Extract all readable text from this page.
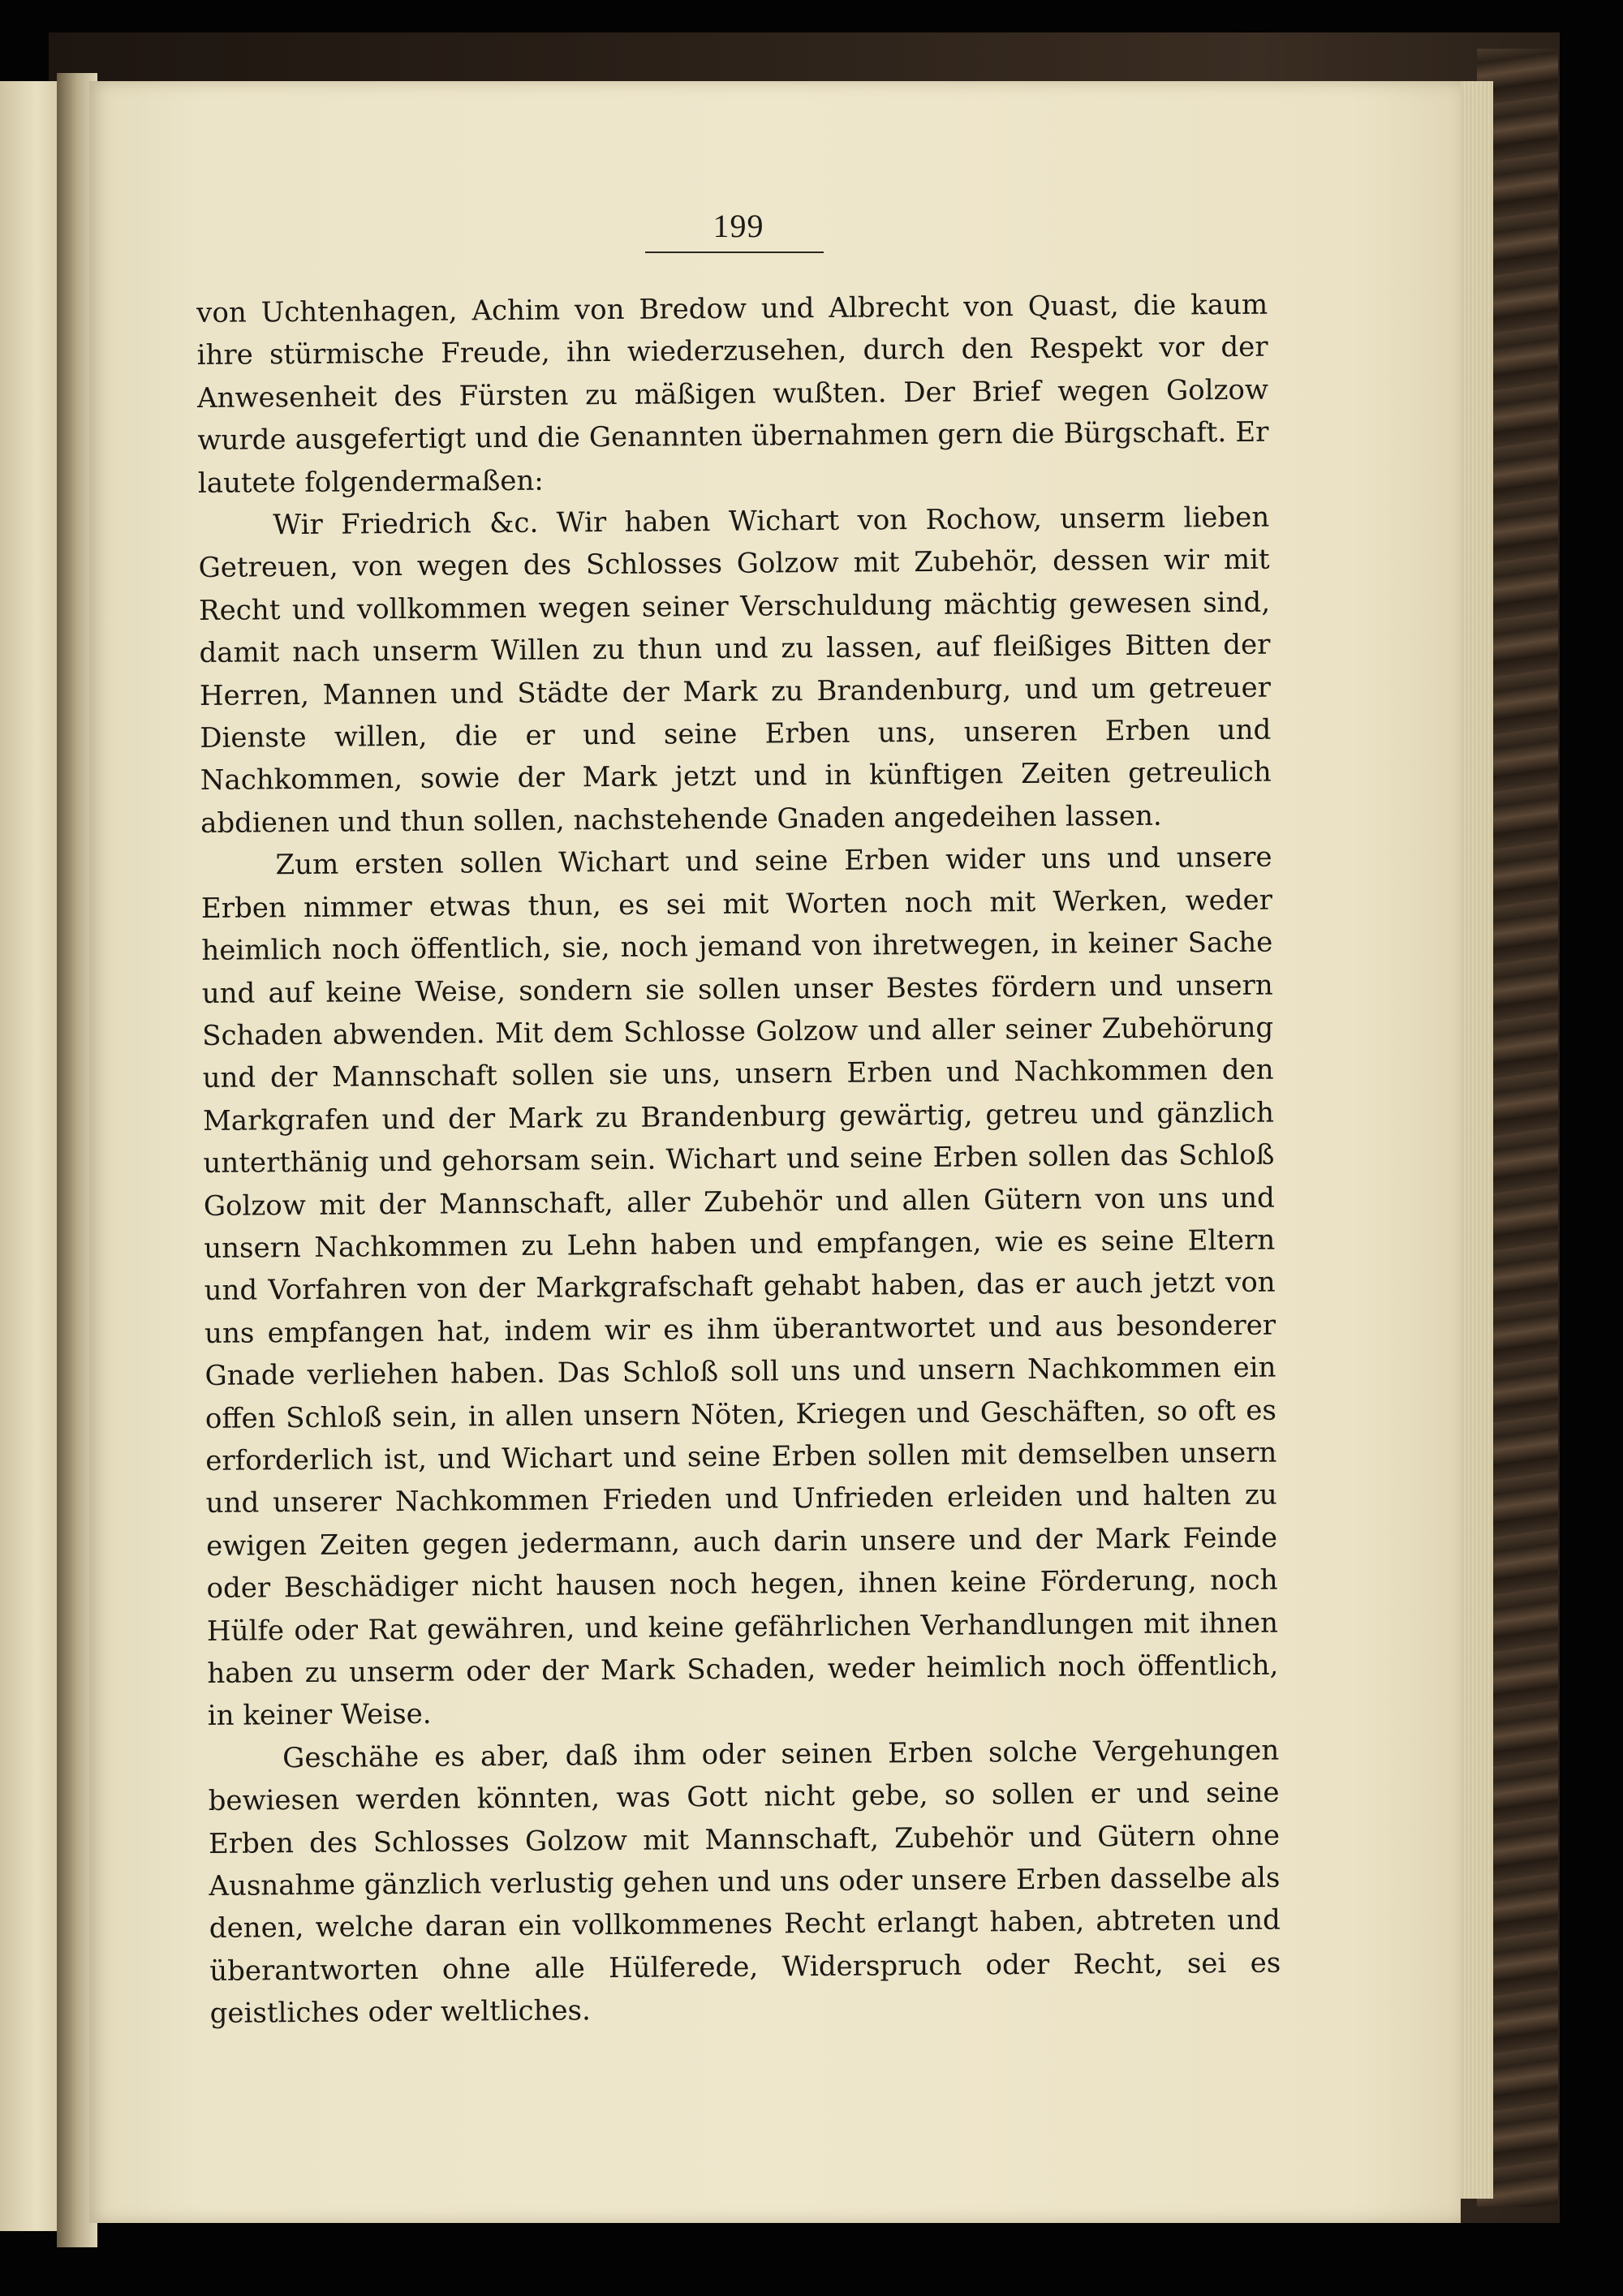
199

von Uchtenhagen, Achim von Bredow und Albrecht von Quast, die kaum ihre stürmische Freude, ihn wiederzusehen, durch den Respekt vor der Anwesenheit des Fürsten zu mäßigen wußten. Der Brief wegen Golzow wurde ausgefertigt und die Genannten übernahmen gern die Bürgschaft. Er lautete folgendermaßen:

Wir Friedrich &c. Wir haben Wichart von Rochow, unserm lieben Getreuen, von wegen des Schlosses Golzow mit Zubehör, dessen wir mit Recht und vollkommen wegen seiner Verschuldung mächtig gewesen sind, damit nach unserm Willen zu thun und zu lassen, auf fleißiges Bitten der Herren, Mannen und Städte der Mark zu Brandenburg, und um getreuer Dienste willen, die er und seine Erben uns, unseren Erben und Nachkommen, sowie der Mark jetzt und in künftigen Zeiten getreulich abdienen und thun sollen, nachstehende Gnaden angedeihen lassen.

Zum ersten sollen Wichart und seine Erben wider uns und unsere Erben nimmer etwas thun, es sei mit Worten noch mit Werken, weder heimlich noch öffentlich, sie, noch jemand von ihretwegen, in keiner Sache und auf keine Weise, sondern sie sollen unser Bestes fördern und unsern Schaden abwenden. Mit dem Schlosse Golzow und aller seiner Zubehörung und der Mannschaft sollen sie uns, unsern Erben und Nachkommen den Markgrafen und der Mark zu Brandenburg gewärtig, getreu und gänzlich unterthänig und gehorsam sein. Wichart und seine Erben sollen das Schloß Golzow mit der Mannschaft, aller Zubehör und allen Gütern von uns und unsern Nachkommen zu Lehn haben und empfangen, wie es seine Eltern und Vorfahren von der Markgrafschaft gehabt haben, das er auch jetzt von uns empfangen hat, indem wir es ihm überantwortet und aus besonderer Gnade verliehen haben. Das Schloß soll uns und unsern Nachkommen ein offen Schloß sein, in allen unsern Nöten, Kriegen und Geschäften, so oft es erforderlich ist, und Wichart und seine Erben sollen mit demselben unsern und unserer Nachkommen Frieden und Unfrieden erleiden und halten zu ewigen Zeiten gegen jedermann, auch darin unsere und der Mark Feinde oder Beschädiger nicht hausen noch hegen, ihnen keine Förderung, noch Hülfe oder Rat gewähren, und keine gefährlichen Verhandlungen mit ihnen haben zu unserm oder der Mark Schaden, weder heimlich noch öffentlich, in keiner Weise.

Geschähe es aber, daß ihm oder seinen Erben solche Vergehungen bewiesen werden könnten, was Gott nicht gebe, so sollen er und seine Erben des Schlosses Golzow mit Mannschaft, Zubehör und Gütern ohne Ausnahme gänzlich verlustig gehen und uns oder unsere Erben dasselbe als denen, welche daran ein vollkommenes Recht erlangt haben, abtreten und überantworten ohne alle Hülferede, Widerspruch oder Recht, sei es geistliches oder weltliches.
